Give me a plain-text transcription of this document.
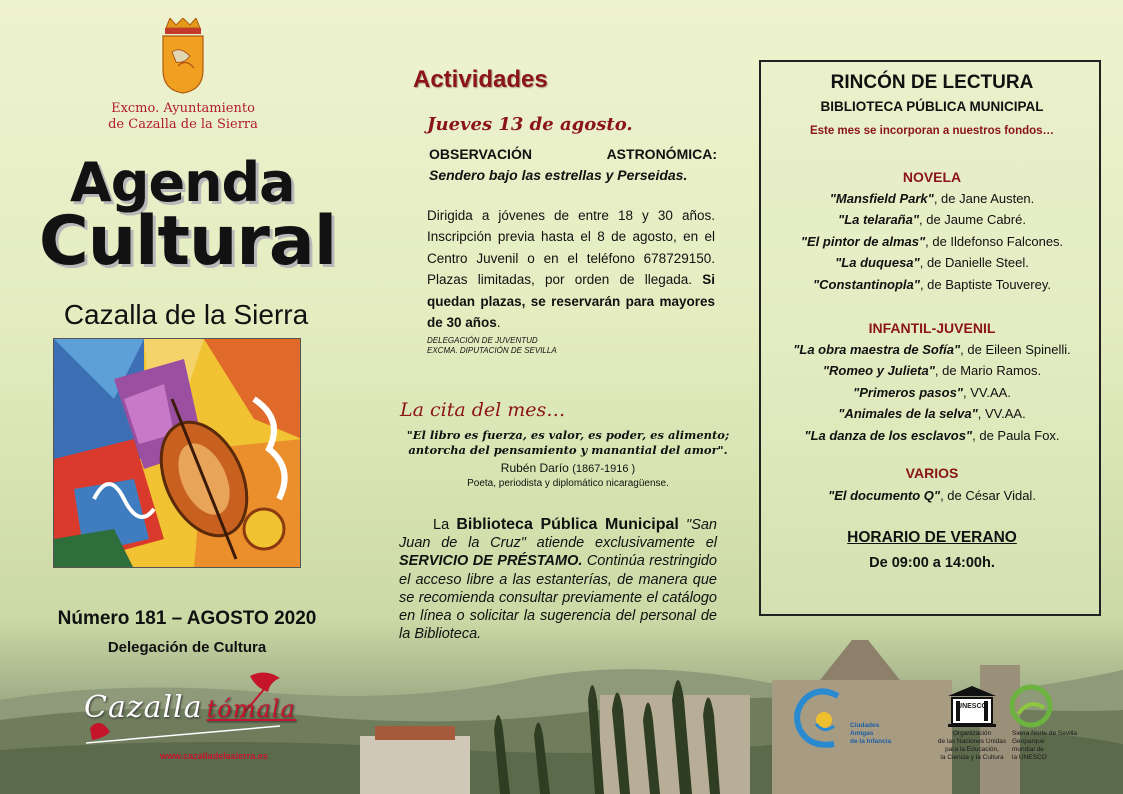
Excmo. Ayuntamiento
de Cazalla de la Sierra
Agenda
Cultural
Cazalla de la Sierra
Número 181 – AGOSTO 2020
Delegación de Cultura
Cazalla tómala
www.cazalladelasierra.es
Actividades
Jueves 13 de agosto.
OBSERVACIÓN ASTRONÓMICA:
Sendero bajo las estrellas y Perseidas.
Dirigida a jóvenes de entre 18 y 30 años. Inscripción previa hasta el 8 de agosto, en el Centro Juvenil o en el teléfono 678729150. Plazas limitadas, por orden de llegada. Si quedan plazas, se reservarán para mayores de 30 años.
DELEGACIÓN DE JUVENTUD
EXCMA. DIPUTACIÓN DE SEVILLA
La cita del mes…
"El libro es fuerza, es valor, es poder, es alimento;
antorcha del pensamiento y manantial del amor".
Rubén Darío (1867-1916 )
Poeta, periodista y diplomático nicaragüense.
La Biblioteca Pública Municipal "San Juan de la Cruz" atiende exclusivamente el SERVICIO DE PRÉSTAMO. Continúa restringido el acceso libre a las estanterías, de manera que se recomienda consultar previamente el catálogo en línea o solicitar la sugerencia del personal de la Biblioteca.
RINCÓN DE LECTURA
BIBLIOTECA PÚBLICA MUNICIPAL
Este mes se incorporan a nuestros fondos…
NOVELA
"Mansfield Park", de Jane Austen.
"La telaraña", de Jaume Cabré.
"El pintor de almas", de Ildefonso Falcones.
"La duquesa", de Danielle Steel.
"Constantinopla", de Baptiste Touverey.
INFANTIL-JUVENIL
"La obra maestra de Sofía", de Eileen Spinelli.
"Romeo y Julieta", de Mario Ramos.
"Primeros pasos", VV.AA.
"Animales de la selva", VV.AA.
"La danza de los esclavos", de Paula Fox.
VARIOS
"El documento Q", de César Vidal.
HORARIO DE VERANO
De 09:00 a 14:00h.
Ciudades
Amigas
de la Infancia
UNESCO
Organización
de las Naciones Unidas
para la Educación,
la Ciencia y la Cultura
Sierra Norte de Sevilla
Geoparque
mundial de
la UNESCO
